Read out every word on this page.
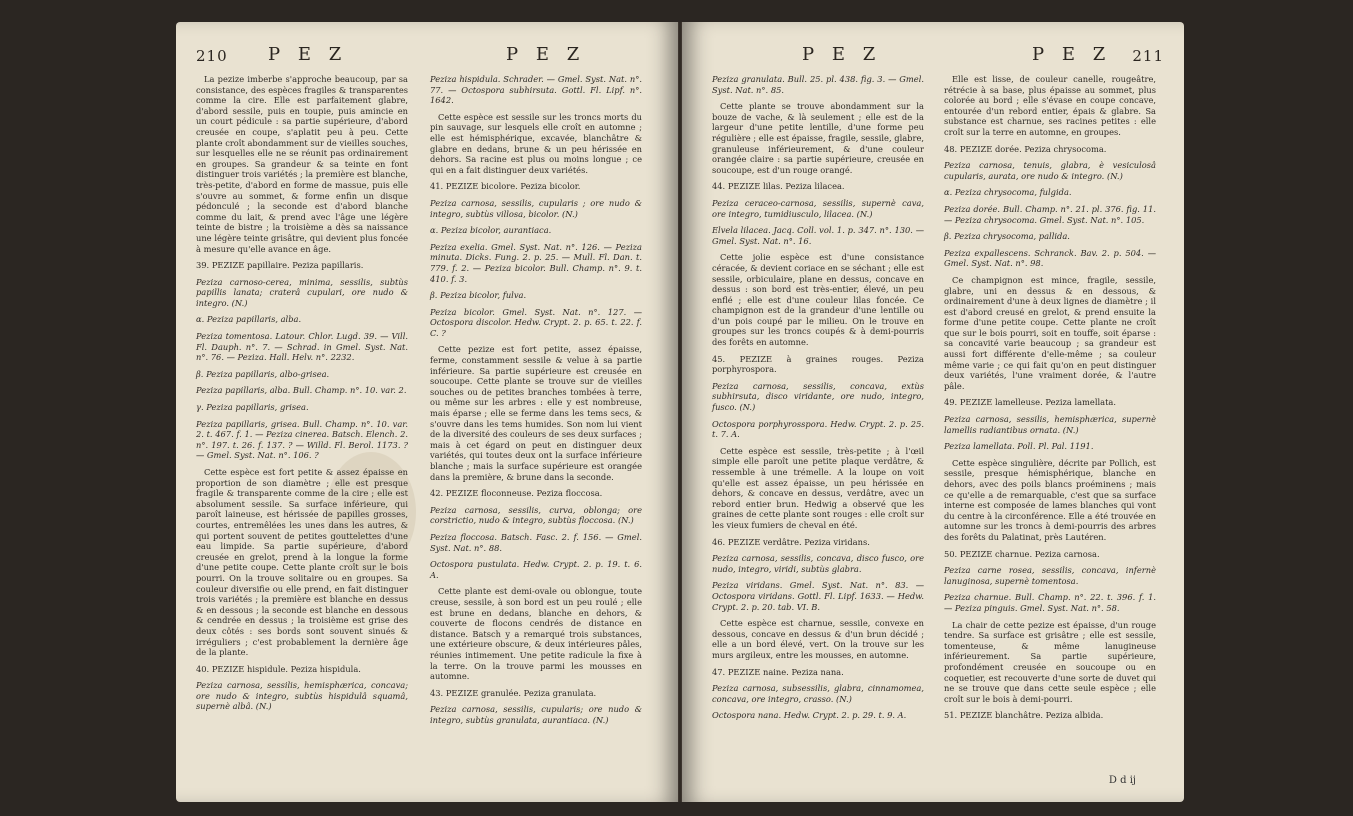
210 P E Z	P E Z

La pezize imberbe s'approche beaucoup, par sa consistance, des espèces fragiles & transparentes comme la cire. Elle est parfaitement glabre, d'abord sessile, puis en toupie, puis amincie en un court pédicule : sa partie supérieure, d'abord creusée en coupe, s'aplatit peu à peu. Cette plante croît abondamment sur de vieilles souches, sur lesquelles elle ne se réunit pas ordinairement en groupes. Sa grandeur & sa teinte en font distinguer trois variétés ; la première est blanche, très-petite, d'abord en forme de massue, puis elle s'ouvre au sommet, & forme enfin un disque pédonculé ; la seconde est d'abord blanche comme du lait, & prend avec l'âge une légère teinte de bistre ; la troisième a dès sa naissance une légère teinte grisâtre, qui devient plus foncée à mesure qu'elle avance en âge.

39. PEZIZE papillaire. Peziza papillaris.

Peziza carnoso-cerea, minima, sessilis, subtùs papillis lanata; craterâ cupulari, ore nudo & integro. (N.)

α. Peziza papillaris, alba.

Peziza tomentosa. Latour. Chlor. Lugd. 39. — Vill. Fl. Dauph. n°. 7. — Schrad. in Gmel. Syst. Nat. n°. 76. — Peziza. Hall. Helv. n°. 2232.

β. Peziza papillaris, albo-grisea.

Peziza papillaris, alba. Bull. Champ. n°. 10. var. 2.

γ. Peziza papillaris, grisea.

Peziza papillaris, grisea. Bull. Champ. n°. 10. var. 2. t. 467. f. 1. — Peziza cinerea. Batsch. Elench. 2. n°. 197. t. 26. f. 137. ? — Willd. Fl. Berol. 1173. ? — Gmel. Syst. Nat. n°. 106. ?

Cette espèce est fort petite & assez épaisse en proportion de son diamètre ; elle est presque fragile & transparente comme de la cire ; elle est absolument sessile. Sa surface inférieure, qui paroît laineuse, est hérissée de papilles grosses, courtes, entremêlées les unes dans les autres, & qui portent souvent de petites gouttelettes d'une eau limpide. Sa partie supérieure, d'abord creusée en grelot, prend à la longue la forme d'une petite coupe. Cette plante croît sur le bois pourri. On la trouve solitaire ou en groupes. Sa couleur diversifie ou elle prend, en fait distinguer trois variétés ; la première est blanche en dessus & en dessous ; la seconde est blanche en dessous & cendrée en dessus ; la troisième est grise des deux côtés : ses bords sont souvent sinués & irréguliers ; c'est probablement la dernière âge de la plante.

40. PEZIZE hispidule. Peziza hispidula.

Peziza carnosa, sessilis, hemisphærica, concava; ore nudo & integro, subtùs hispidulâ squamâ, supernè albâ. (N.)

Peziza hispidula. Schrader. — Gmel. Syst. Nat. n°. 77. — Octospora subhirsuta. Gottl. Fl. Lipf. n°. 1642.

Cette espèce est sessile sur les troncs morts du pin sauvage, sur lesquels elle croît en automne ; elle est hémisphérique, excavée, blanchâtre & glabre en dedans, brune & un peu hérissée en dehors. Sa racine est plus ou moins longue ; ce qui en a fait distinguer deux variétés.

41. PEZIZE bicolore. Peziza bicolor.

Peziza carnosa, sessilis, cupularis ; ore nudo & integro, subtùs villosa, bicolor. (N.)

α. Peziza bicolor, aurantiaca.

Peziza exelia. Gmel. Syst. Nat. n°. 126. — Peziza minuta. Dicks. Fung. 2. p. 25. — Mull. Fl. Dan. t. 779. f. 2. — Peziza bicolor. Bull. Champ. n°. 9. t. 410. f. 3.

β. Peziza bicolor, fulva.

Peziza bicolor. Gmel. Syst. Nat. n°. 127. — Octospora discolor. Hedw. Crypt. 2. p. 65. t. 22. f. C. ?

Cette pezize est fort petite, assez épaisse, ferme, constamment sessile & velue à sa partie inférieure. Sa partie supérieure est creusée en soucoupe. Cette plante se trouve sur de vieilles souches ou de petites branches tombées à terre, ou même sur les arbres : elle y est nombreuse, mais éparse ; elle se ferme dans les tems secs, & s'ouvre dans les tems humides. Son nom lui vient de la diversité des couleurs de ses deux surfaces ; mais à cet égard on peut en distinguer deux variétés, qui toutes deux ont la surface inférieure blanche ; mais la surface supérieure est orangée dans la première, & brune dans la seconde.

42. PEZIZE floconneuse. Peziza floccosa.

Peziza carnosa, sessilis, curva, oblonga; ore corstrictio, nudo & integro, subtùs floccosa. (N.)

Peziza floccosa. Batsch. Fasc. 2. f. 156. — Gmel. Syst. Nat. n°. 88.

Octospora pustulata. Hedw. Crypt. 2. p. 19. t. 6. A.

Cette plante est demi-ovale ou oblongue, toute creuse, sessile, à son bord est un peu roulé ; elle est brune en dedans, blanche en dehors, & couverte de flocons cendrés de distance en distance. Batsch y a remarqué trois substances, une extérieure obscure, & deux intérieures pâles, réunies intimement. Une petite radicule la fixe à la terre. On la trouve parmi les mousses en automne.

43. PEZIZE granulée. Peziza granulata.

Peziza carnosa, sessilis, cupularis; ore nudo & integro, subtùs granulata, aurantiaca. (N.)

P E Z	P E Z 211

Peziza granulata. Bull. 25. pl. 438. fig. 3. — Gmel. Syst. Nat. n°. 85.

Cette plante se trouve abondamment sur la bouze de vache, & là seulement ; elle est de la largeur d'une petite lentille, d'une forme peu régulière ; elle est épaisse, fragile, sessile, glabre, granuleuse inférieurement, & d'une couleur orangée claire : sa partie supérieure, creusée en soucoupe, est d'un rouge orangé.

44. PEZIZE lilas. Peziza lilacea.

Peziza ceraceo-carnosa, sessilis, supernè cava, ore integro, tumidiusculo, lilacea. (N.)

Elvela lilacea. Jacq. Coll. vol. 1. p. 347. n°. 130. — Gmel. Syst. Nat. n°. 16.

Cette jolie espèce est d'une consistance céracée, & devient coriace en se séchant ; elle est sessile, orbiculaire, plane en dessus, concave en dessus : son bord est très-entier, élevé, un peu enflé ; elle est d'une couleur lilas foncée. Ce champignon est de la grandeur d'une lentille ou d'un pois coupé par le milieu. On le trouve en groupes sur les troncs coupés & à demi-pourris des forêts en automne.

45. PEZIZE à graines rouges. Peziza porphyrospora.

Peziza carnosa, sessilis, concava, extùs subhirsuta, disco viridante, ore nudo, integro, fusco. (N.)

Octospora porphyrosspora. Hedw. Crypt. 2. p. 25. t. 7. A.

Cette espèce est sessile, très-petite ; à l'œil simple elle paroît une petite plaque verdâtre, & ressemble à une trémelle. A la loupe on voit qu'elle est assez épaisse, un peu hérissée en dehors, & concave en dessus, verdâtre, avec un rebord entier brun. Hedwig a observé que les graines de cette plante sont rouges : elle croît sur les vieux fumiers de cheval en été.

46. PEZIZE verdâtre. Peziza viridans.

Peziza carnosa, sessilis, concava, disco fusco, ore nudo, integro, viridi, subtùs glabra.

Peziza viridans. Gmel. Syst. Nat. n°. 83. — Octospora viridans. Gottl. Fl. Lipf. 1633. — Hedw. Crypt. 2. p. 20. tab. VI. B.

Cette espèce est charnue, sessile, convexe en dessous, concave en dessus & d'un brun décidé ; elle a un bord élevé, vert. On la trouve sur les murs argileux, entre les mousses, en automne.

47. PEZIZE naine. Peziza nana.

Peziza carnosa, subsessilis, glabra, cinnamomea, concava, ore integro, crasso. (N.)

Octospora nana. Hedw. Crypt. 2. p. 29. t. 9. A.

Elle est lisse, de couleur canelle, rougeâtre, rétrécie à sa base, plus épaisse au sommet, plus colorée au bord ; elle s'évase en coupe concave, entourée d'un rebord entier, épais & glabre. Sa substance est charnue, ses racines petites : elle croît sur la terre en automne, en groupes.

48. PEZIZE dorée. Peziza chrysocoma.

Peziza carnosa, tenuis, glabra, è vesiculosâ cupularis, aurata, ore nudo & integro. (N.)

α. Peziza chrysocoma, fulgida.

Peziza dorée. Bull. Champ. n°. 21. pl. 376. fig. 11. — Peziza chrysocoma. Gmel. Syst. Nat. n°. 105.

β. Peziza chrysocoma, pallida.

Peziza expallescens. Schranck. Bav. 2. p. 504. — Gmel. Syst. Nat. n°. 98.

Ce champignon est mince, fragile, sessile, glabre, uni en dessus & en dessous, & ordinairement d'une à deux lignes de diamètre ; il est d'abord creusé en grelot, & prend ensuite la forme d'une petite coupe. Cette plante ne croît que sur le bois pourri, soit en touffe, soit éparse : sa concavité varie beaucoup ; sa grandeur est aussi fort différente d'elle-même ; sa couleur même varie ; ce qui fait qu'on en peut distinguer deux variétés, l'une vraiment dorée, & l'autre pâle.

49. PEZIZE lamelleuse. Peziza lamellata.

Peziza carnosa, sessilis, hemisphærica, supernè lamellis radiantibus ornata. (N.)

Peziza lamellata. Poll. Pl. Pal. 1191.

Cette espèce singulière, décrite par Pollich, est sessile, presque hémisphérique, blanche en dehors, avec des poils blancs proéminens ; mais ce qu'elle a de remarquable, c'est que sa surface interne est composée de lames blanches qui vont du centre à la circonférence. Elle a été trouvée en automne sur les troncs à demi-pourris des arbres des forêts du Palatinat, près Lautéren.

50. PEZIZE charnue. Peziza carnosa.

Peziza carne rosea, sessilis, concava, infernè lanuginosa, supernè tomentosa.

Peziza charnue. Bull. Champ. n°. 22. t. 396. f. 1. — Peziza pinguis. Gmel. Syst. Nat. n°. 58.

La chair de cette pezize est épaisse, d'un rouge tendre. Sa surface est grisâtre ; elle est sessile, tomenteuse, & même lanugineuse inférieurement. Sa partie supérieure, profondément creusée en soucoupe ou en coquetier, est recouverte d'une sorte de duvet qui ne se trouve que dans cette seule espèce ; elle croît sur le bois à demi-pourri.

51. PEZIZE blanchâtre. Peziza albida.

D d ij
